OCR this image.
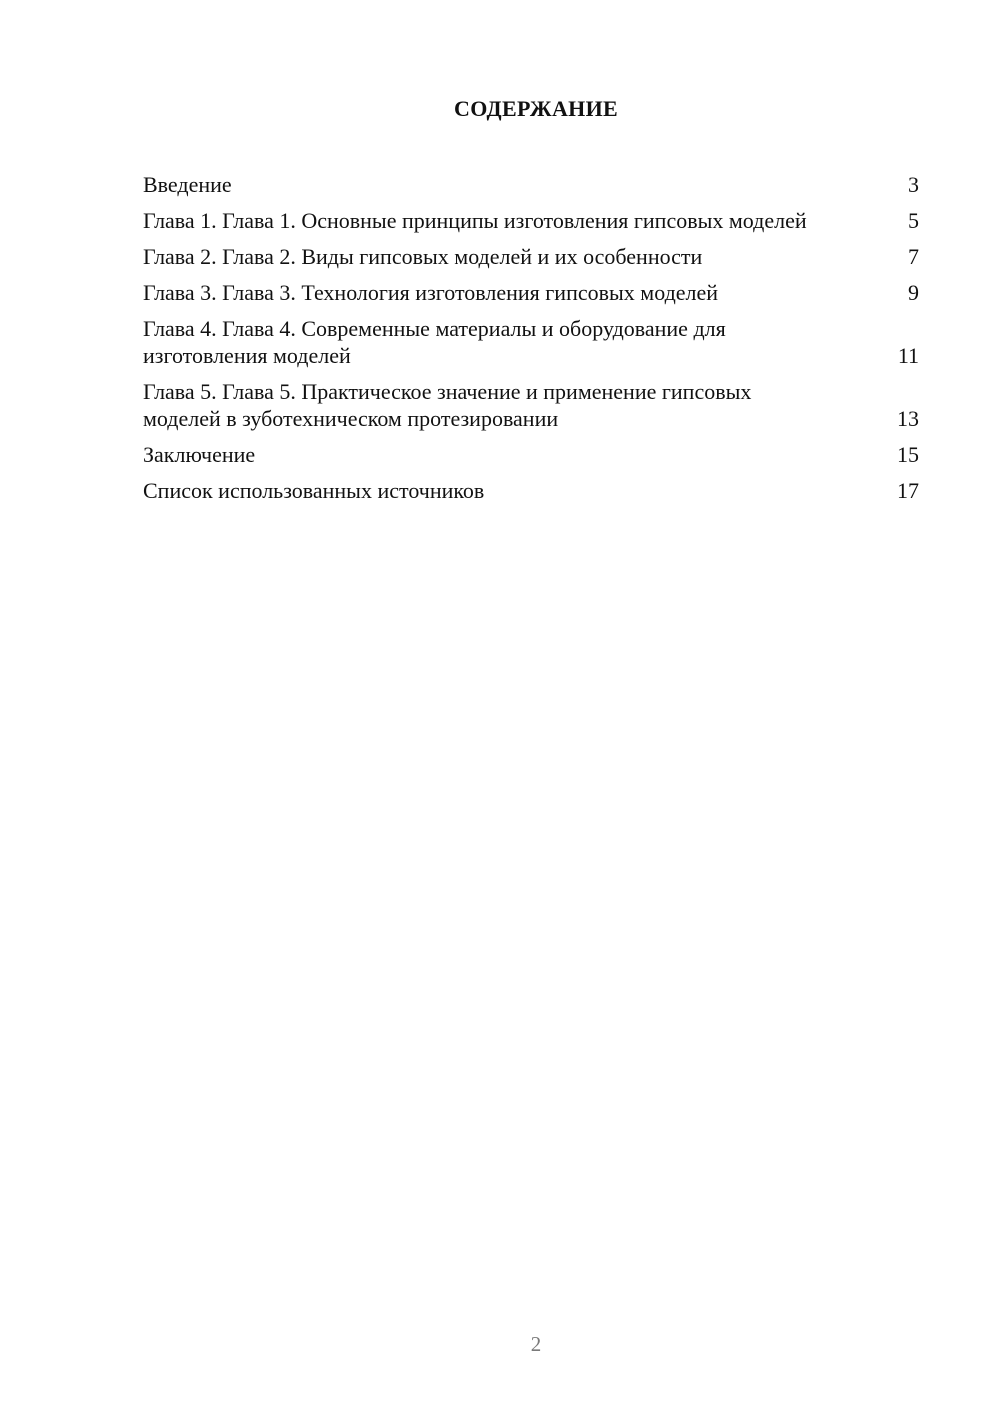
СОДЕРЖАНИЕ
Введение	3
Глава 1. Глава 1. Основные принципы изготовления гипсовых моделей	5
Глава 2. Глава 2. Виды гипсовых моделей и их особенности	7
Глава 3. Глава 3. Технология изготовления гипсовых моделей	9
Глава 4. Глава 4. Современные материалы и оборудование для изготовления моделей	11
Глава 5. Глава 5. Практическое значение и применение гипсовых моделей в зуботехническом протезировании	13
Заключение	15
Список использованных источников	17
2
